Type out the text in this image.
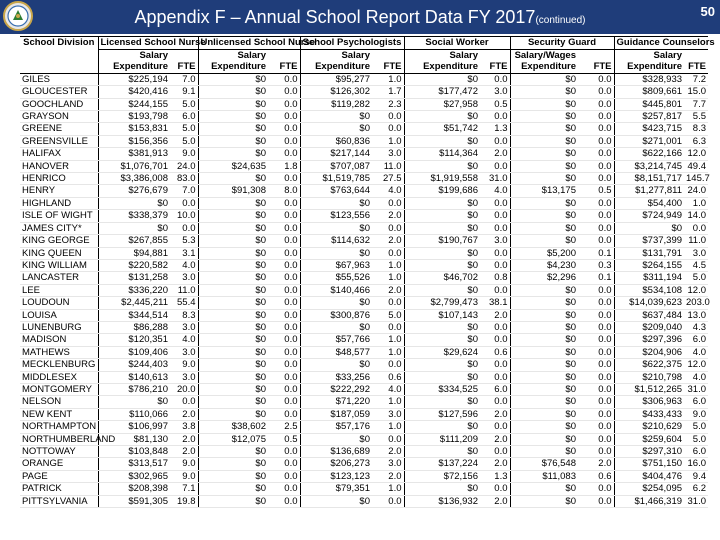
Appendix F – Annual School Report Data FY 2017(continued)
50
School Division	Licensed School Nurse		Unlicensed School Nurse		School Psychologists		Social Worker		Security Guard		Guidance Counselors	
	Salary		Salary		Salary		Salary		Salary/Wages		Salary	
	Expenditure	FTE	Expenditure	FTE	Expenditure	FTE	Expenditure	FTE	Expenditure	FTE	Expenditure	FTE
GILES	$225,194	7.0	$0	0.0	$95,277	1.0	$0	0.0	$0	0.0	$328,933	7.2
GLOUCESTER	$420,416	9.1	$0	0.0	$126,302	1.7	$177,472	3.0	$0	0.0	$809,661	15.0
GOOCHLAND	$244,155	5.0	$0	0.0	$119,282	2.3	$27,958	0.5	$0	0.0	$445,801	7.7
GRAYSON	$193,798	6.0	$0	0.0	$0	0.0	$0	0.0	$0	0.0	$257,817	5.5
GREENE	$153,831	5.0	$0	0.0	$0	0.0	$51,742	1.3	$0	0.0	$423,715	8.3
GREENSVILLE	$156,356	5.0	$0	0.0	$60,836	1.0	$0	0.0	$0	0.0	$271,001	6.3
HALIFAX	$381,913	9.0	$0	0.0	$217,144	3.0	$114,364	2.0	$0	0.0	$622,166	12.0
HANOVER	$1,076,701	24.0	$24,635	1.8	$707,087	11.0	$0	0.0	$0	0.0	$3,214,745	49.4
HENRICO	$3,386,008	83.0	$0	0.0	$1,519,785	27.5	$1,919,558	31.0	$0	0.0	$8,151,717	145.7
HENRY	$276,679	7.0	$91,308	8.0	$763,644	4.0	$199,686	4.0	$13,175	0.5	$1,277,811	24.0
HIGHLAND	$0	0.0	$0	0.0	$0	0.0	$0	0.0	$0	0.0	$54,400	1.0
ISLE OF WIGHT	$338,379	10.0	$0	0.0	$123,556	2.0	$0	0.0	$0	0.0	$724,949	14.0
JAMES CITY*	$0	0.0	$0	0.0	$0	0.0	$0	0.0	$0	0.0	$0	0.0
KING GEORGE	$267,855	5.3	$0	0.0	$114,632	2.0	$190,767	3.0	$0	0.0	$737,399	11.0
KING QUEEN	$94,881	3.1	$0	0.0	$0	0.0	$0	0.0	$5,200	0.1	$131,791	3.0
KING WILLIAM	$220,582	4.0	$0	0.0	$67,963	1.0	$0	0.0	$4,230	0.3	$264,155	4.5
LANCASTER	$131,258	3.0	$0	0.0	$55,526	1.0	$46,702	0.8	$2,296	0.1	$311,194	5.0
LEE	$336,220	11.0	$0	0.0	$140,466	2.0	$0	0.0	$0	0.0	$534,108	12.0
LOUDOUN	$2,445,211	55.4	$0	0.0	$0	0.0	$2,799,473	38.1	$0	0.0	$14,039,623	203.0
LOUISA	$344,514	8.3	$0	0.0	$300,876	5.0	$107,143	2.0	$0	0.0	$637,484	13.0
LUNENBURG	$86,288	3.0	$0	0.0	$0	0.0	$0	0.0	$0	0.0	$209,040	4.3
MADISON	$120,351	4.0	$0	0.0	$57,766	1.0	$0	0.0	$0	0.0	$297,396	6.0
MATHEWS	$109,406	3.0	$0	0.0	$48,577	1.0	$29,624	0.6	$0	0.0	$204,906	4.0
MECKLENBURG	$244,403	9.0	$0	0.0	$0	0.0	$0	0.0	$0	0.0	$622,375	12.0
MIDDLESEX	$140,613	3.0	$0	0.0	$33,256	0.6	$0	0.0	$0	0.0	$210,798	4.0
MONTGOMERY	$786,210	20.0	$0	0.0	$222,292	4.0	$334,525	6.0	$0	0.0	$1,512,265	31.0
NELSON	$0	0.0	$0	0.0	$71,220	1.0	$0	0.0	$0	0.0	$306,963	6.0
NEW KENT	$110,066	2.0	$0	0.0	$187,059	3.0	$127,596	2.0	$0	0.0	$433,433	9.0
NORTHAMPTON	$106,997	3.8	$38,602	2.5	$57,176	1.0	$0	0.0	$0	0.0	$210,629	5.0
NORTHUMBERLAND	$81,130	2.0	$12,075	0.5	$0	0.0	$111,209	2.0	$0	0.0	$259,604	5.0
NOTTOWAY	$103,848	2.0	$0	0.0	$136,689	2.0	$0	0.0	$0	0.0	$297,310	6.0
ORANGE	$313,517	9.0	$0	0.0	$206,273	3.0	$137,224	2.0	$76,548	2.0	$751,150	16.0
PAGE	$302,965	9.0	$0	0.0	$123,123	2.0	$72,156	1.3	$11,083	0.6	$404,476	9.4
PATRICK	$208,398	7.1	$0	0.0	$79,351	1.0	$0	0.0	$0	0.0	$254,095	6.2
PITTSYLVANIA	$591,305	19.8	$0	0.0	$0	0.0	$136,932	2.0	$0	0.0	$1,466,319	31.0
